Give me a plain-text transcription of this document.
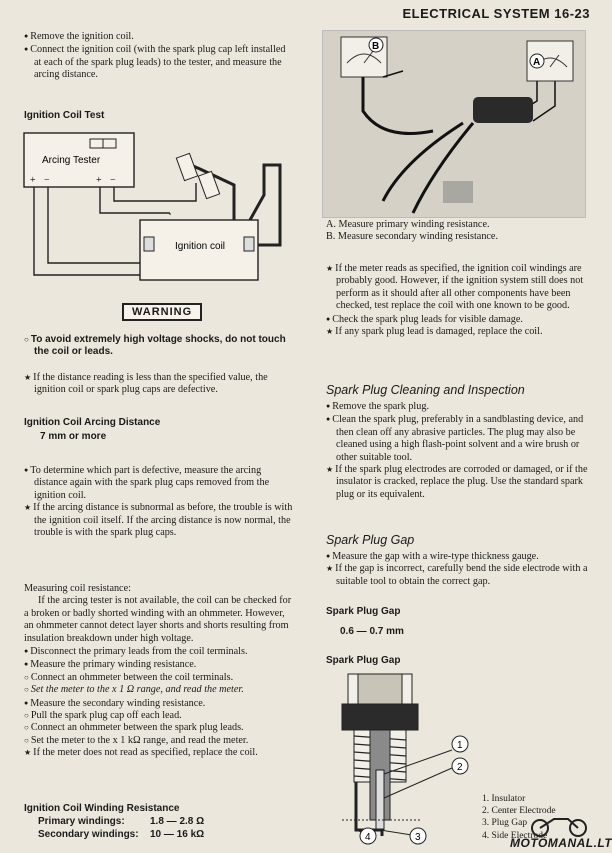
ELECTRICAL SYSTEM 16-23

● Remove the ignition coil.

● Connect the ignition coil (with the spark plug cap left installed at each of the spark plug leads) to the tester, and measure the arcing distance.

Ignition Coil Test
Arcing Tester
+ −	+ −
Ignition coil
WARNING

○ To avoid extremely high voltage shocks, do not touch the coil or leads.

★ If the distance reading is less than the specified value, the ignition coil or spark plug caps are defective.

Ignition Coil Arcing Distance
7 mm or more

● To determine which part is defective, measure the arcing distance again with the spark plug caps removed from the ignition coil.

★ If the arcing distance is subnormal as before, the trouble is with the ignition coil itself. If the arcing distance is now normal, the trouble is with the spark plug caps.

Measuring coil resistance:

If the arcing tester is not available, the coil can be checked for a broken or badly shorted winding with an ohmmeter. However, an ohmmeter cannot detect layer shorts and shorts resulting from insulation breakdown under high voltage.

● Disconnect the primary leads from the coil terminals.

● Measure the primary winding resistance.

○ Connect an ohmmeter between the coil terminals.

○ Set the meter to the x 1 Ω range, and read the meter.

● Measure the secondary winding resistance.

○ Pull the spark plug cap off each lead.

○ Connect an ohmmeter between the spark plug leads.

○ Set the meter to the x 1 kΩ range, and read the meter.

★ If the meter does not read as specified, replace the coil.

Ignition Coil Winding Resistance
Primary windings:	1.8 — 2.8 Ω
Secondary windings: 10 — 16 kΩ
B
A

A. Measure primary winding resistance.

B. Measure secondary winding resistance.

★ If the meter reads as specified, the ignition coil windings are probably good. However, if the ignition system still does not perform as it should after all other components have been checked, test replace the coil with one known to be good.

● Check the spark plug leads for visible damage.

★ If any spark plug lead is damaged, replace the coil.

Spark Plug Cleaning and Inspection

● Remove the spark plug.

● Clean the spark plug, preferably in a sandblasting device, and then clean off any abrasive particles. The plug may also be cleaned using a high flash-point solvent and a wire brush or other suitable tool.

★ If the spark plug electrodes are corroded or damaged, or if the insulator is cracked, replace the plug. Use the standard spark plug or its equivalent.

Spark Plug Gap

● Measure the gap with a wire-type thickness gauge.

★ If the gap is incorrect, carefully bend the side electrode with a suitable tool to obtain the correct gap.

Spark Plug Gap
0.6 — 0.7 mm
Spark Plug Gap
1
2
3
4

1. Insulator

2. Center Electrode

3. Plug Gap

4. Side Electrode

MOTOMANAL.LT
